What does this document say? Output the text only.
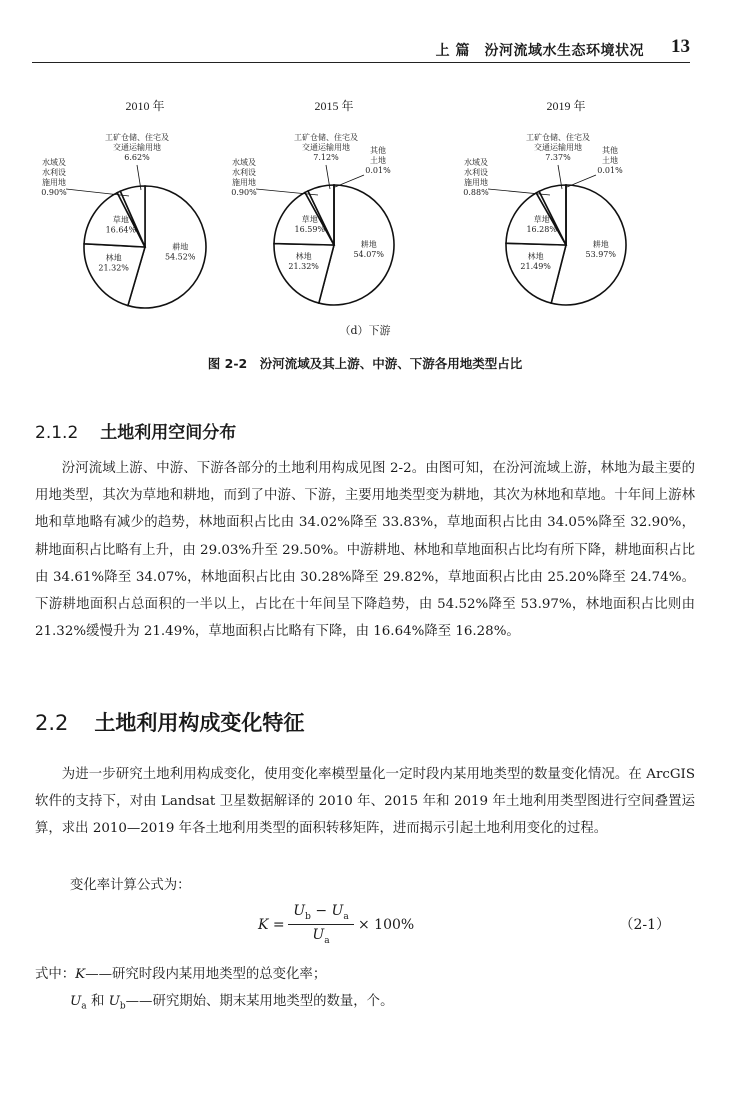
上 篇　汾河流域水生态环境状况 13
2010 年
耕地
54.52%
林地
21.32%
草地
16.64%
工矿仓储、住宅及
交通运输用地
6.62%
水域及
水利设
施用地
0.90%
2015 年
耕地
54.07%
林地
21.32%
草地
16.59%
工矿仓储、住宅及
交通运输用地
7.12%
水域及
水利设
施用地
0.90%
其他
土地
0.01%
2019 年
耕地
53.97%
林地
21.49%
草地
16.28%
工矿仓储、住宅及
交通运输用地
7.37%
水域及
水利设
施用地
0.88%
其他
土地
0.01%
（d）下游
图 2-2　汾河流域及其上游、中游、下游各用地类型占比
2.1.2 土地利用空间分布

汾河流域上游、中游、下游各部分的土地利用构成见图 2-2。由图可知，在汾河流域上游，林地为最主要的用地类型，其次为草地和耕地，而到了中游、下游，主要用地类型变为耕地，其次为林地和草地。十年间上游林地和草地略有减少的趋势，林地面积占比由 34.02%降至 33.83%，草地面积占比由 34.05%降至 32.90%，耕地面积占比略有上升，由 29.03%升至 29.50%。中游耕地、林地和草地面积占比均有所下降，耕地面积占比由 34.61%降至 34.07%，林地面积占比由 30.28%降至 29.82%，草地面积占比由 25.20%降至 24.74%。下游耕地面积占总面积的一半以上，占比在十年间呈下降趋势，由 54.52%降至 53.97%，林地面积占比则由 21.32%缓慢升为 21.49%，草地面积占比略有下降，由 16.64%降至 16.28%。

2.2 土地利用构成变化特征

为进一步研究土地利用构成变化，使用变化率模型量化一定时段内某用地类型的数量变化情况。在 ArcGIS 软件的支持下，对由 Landsat 卫星数据解译的 2010 年、2015 年和 2019 年土地利用类型图进行空间叠置运算，求出 2010—2019 年各土地利用类型的面积转移矩阵，进而揭示引起土地利用变化的过程。

变化率计算公式为：

$K = \frac{U_b - U_a}{U_a} \times 100\%$	（2-1）
式中：K——研究时段内某用地类型的总变化率；
$U_a$ 和 $U_b——$研究期始、期末某用地类型的数量，个。
